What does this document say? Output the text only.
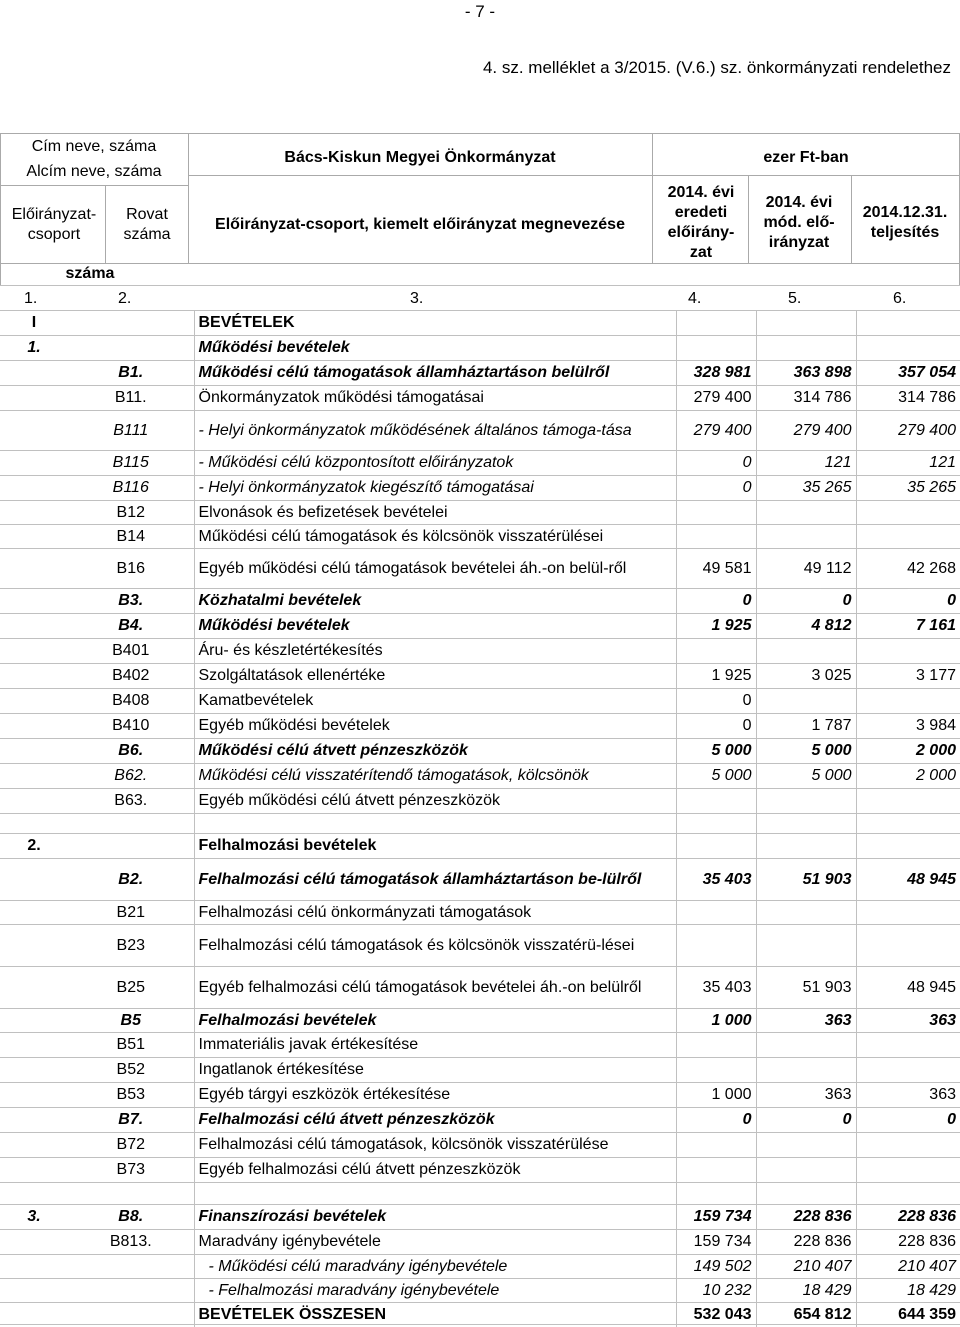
- 7 -
4. sz. melléklet a 3/2015. (V.6.) sz. önkormányzati rendelethez
Cím neve, száma
Alcím neve, száma
Előirányzat-csoport
Rovat száma
Bács-Kiskun Megyei Önkormányzat
Előirányzat-csoport, kiemelt előirányzat megnevezése
ezer Ft-ban
2014. évi eredeti előirány-zat
2014. évi mód. elő-irányzat
2014.12.31. teljesítés
száma
1.	2.	3.	4.	5.	6.
I		BEVÉTELEK			
1.		Működési bevételek			
	B1.	Működési célú támogatások államháztartáson belülről	328 981	363 898	357 054
	B11.	Önkormányzatok működési támogatásai	279 400	314 786	314 786
	B111	- Helyi önkormányzatok működésének általános támoga-tása	279 400	279 400	279 400
	B115	- Működési célú központosított előirányzatok	0	121	121
	B116	- Helyi önkormányzatok kiegészítő támogatásai	0	35 265	35 265
	B12	Elvonások és befizetések bevételei			
	B14	Működési célú támogatások és kölcsönök visszatérülései			
	B16	Egyéb működési célú támogatások bevételei áh.-on belül-ről	49 581	49 112	42 268
	B3.	Közhatalmi bevételek	0	0	0
	B4.	Működési bevételek	1 925	4 812	7 161
	B401	Áru- és készletértékesítés			
	B402	Szolgáltatások ellenértéke	1 925	3 025	3 177
	B408	Kamatbevételek	0		
	B410	Egyéb működési bevételek	0	1 787	3 984
	B6.	Működési célú átvett pénzeszközök	5 000	5 000	2 000
	B62.	Működési célú visszatérítendő támogatások, kölcsönök	5 000	5 000	2 000
	B63.	Egyéb működési célú átvett pénzeszközök			

2.		Felhalmozási bevételek			
	B2.	Felhalmozási célú támogatások államháztartáson be-lülről	35 403	51 903	48 945
	B21	Felhalmozási célú önkormányzati támogatások			
	B23	Felhalmozási célú támogatások és kölcsönök visszatérü-lései			
	B25	Egyéb felhalmozási célú támogatások bevételei áh.-on belülről	35 403	51 903	48 945
	B5	Felhalmozási bevételek	1 000	363	363
	B51	Immateriális javak értékesítése			
	B52	Ingatlanok értékesítése			
	B53	Egyéb tárgyi eszközök értékesítése	1 000	363	363
	B7.	Felhalmozási célú átvett pénzeszközök	0	0	0
	B72	Felhalmozási célú támogatások, kölcsönök visszatérülése			
	B73	Egyéb felhalmozási célú átvett pénzeszközök			

3.	B8.	Finanszírozási bevételek	159 734	228 836	228 836
	B813.	Maradvány igénybevétele	159 734	228 836	228 836
		- Működési célú maradvány igénybevétele	149 502	210 407	210 407
		- Felhalmozási maradvány igénybevétele	10 232	18 429	18 429
		BEVÉTELEK ÖSSZESEN	532 043	654 812	644 359
